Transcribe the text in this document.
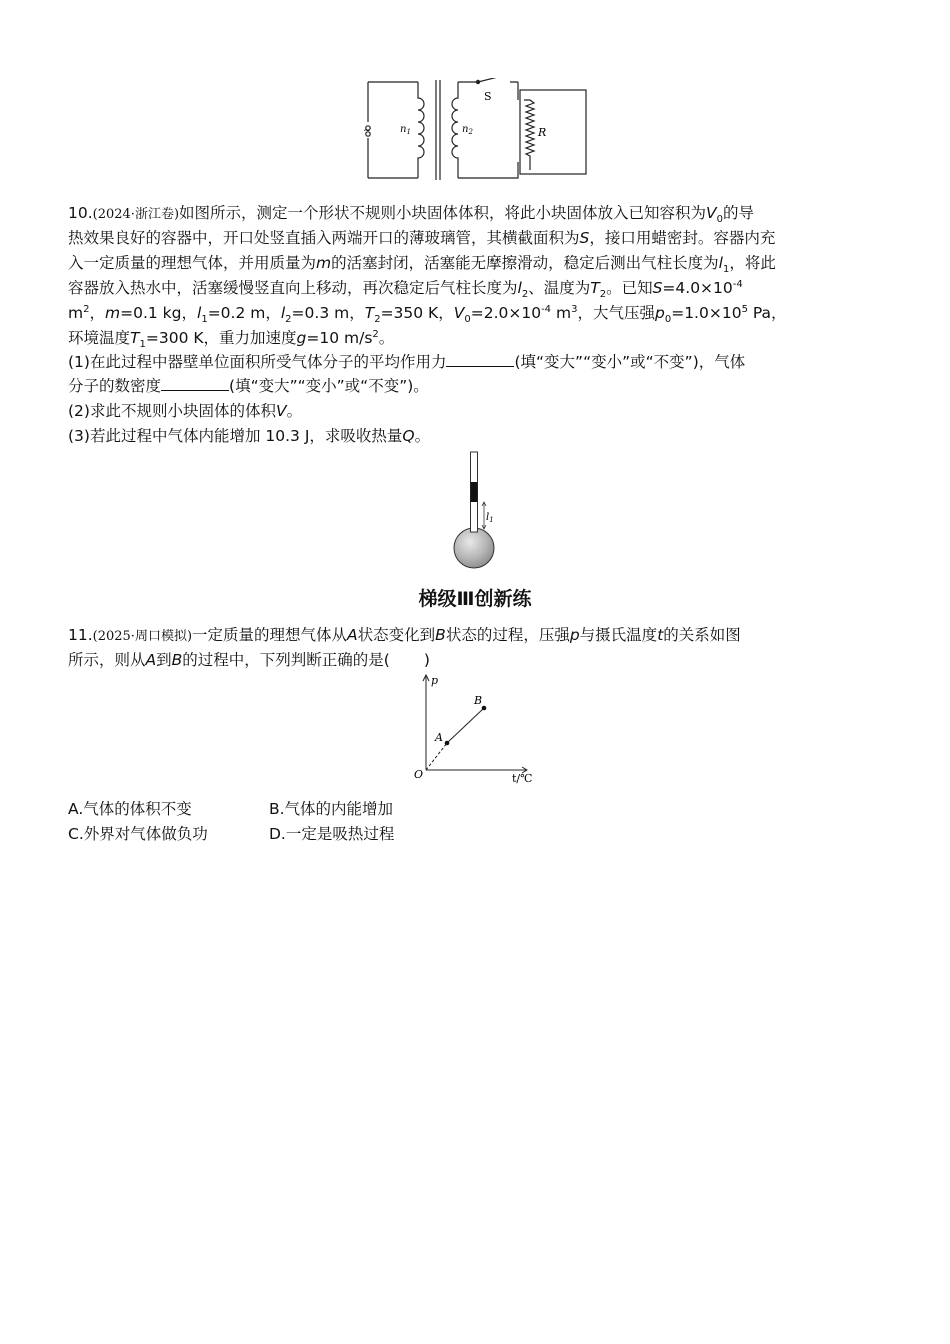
~
S
$n_1$	$n_2$	R
10.(2024·浙江卷)如图所示，测定一个形状不规则小块固体体积，将此小块固体放入已知容积为$V_0$的导
热效果良好的容器中，开口处竖直插入两端开口的薄玻璃管，其横截面积为S，接口用蜡密封。容器内充
入一定质量的理想气体，并用质量为m的活塞封闭，活塞能无摩擦滑动，稳定后测出气柱长度为$l_1$，将此
容器放入热水中，活塞缓慢竖直向上移动，再次稳定后气柱长度为$l_2$、温度为$T_2$。已知$S=4.0\times 10^{-4}$
$m^2$，m=0.1 kg，$l_1=0.2$ m，$l_2=0.3$ m，$T_2=350$ K，$V_0=2.0\times 10^{-4}$ $m^3$，大气压强$p_0=1.0\times 10^5$ Pa，
环境温度$T_1=300$ K，重力加速度g=10 $m/s^2$。
(1)在此过程中器壁单位面积所受气体分子的平均作用力	(填“变大”“变小”或“不变”)，气体
分子的数密度	(填“变大”“变小”或“不变”)。
(2)求此不规则小块固体的体积V。
(3)若此过程中气体内能增加 10.3 J，求吸收热量Q。
$l_1$
梯级Ⅲ创新练
11.(2025·周口模拟)一定质量的理想气体从A状态变化到B状态的过程，压强p与摄氏温度t的关系如图
所示，则从A到B的过程中，下列判断正确的是( )
p
t/℃
O
A
B
A.气体的体积不变	B.气体的内能增加
C.外界对气体做负功	D.一定是吸热过程
